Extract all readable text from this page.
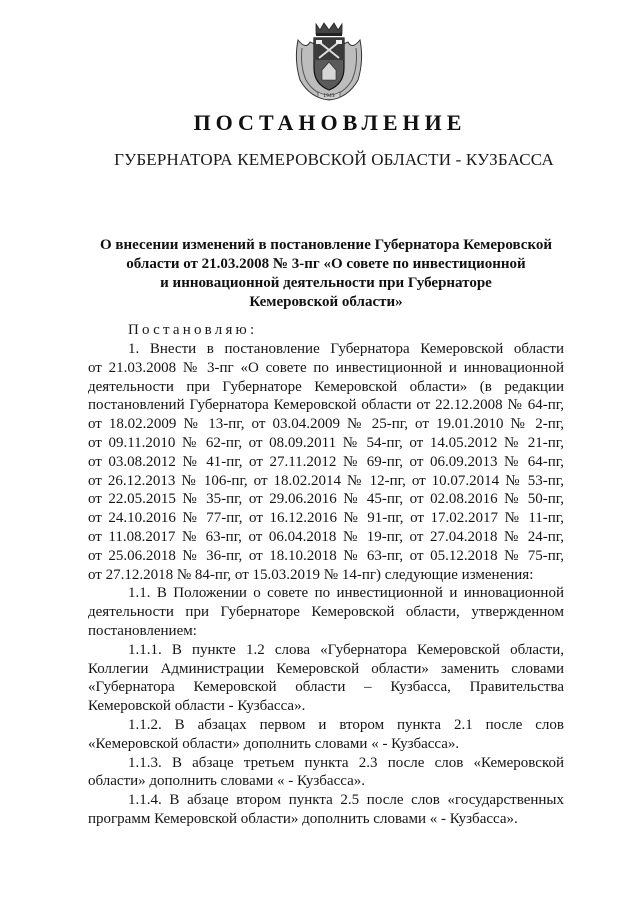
1943
ПОСТАНОВЛЕНИЕ
ГУБЕРНАТОРА КЕМЕРОВСКОЙ ОБЛАСТИ - КУЗБАССА
О внесении изменений в постановление Губернатора Кемеровской
области от 21.03.2008 № 3-пг «О совете по инвестиционной
и инновационной деятельности при Губернаторе
Кемеровской области»
Постановляю:
1. Внести в постановление Губернатора Кемеровской области
от 21.03.2008 № 3-пг «О совете по инвестиционной и инновационной
деятельности при Губернаторе Кемеровской области» (в редакции
постановлений Губернатора Кемеровской области от 22.12.2008 № 64-пг,
от 18.02.2009 № 13-пг, от 03.04.2009 № 25-пг, от 19.01.2010 № 2-пг,
от 09.11.2010 № 62-пг, от 08.09.2011 № 54-пг, от 14.05.2012 № 21-пг,
от 03.08.2012 № 41-пг, от 27.11.2012 № 69-пг, от 06.09.2013 № 64-пг,
от 26.12.2013 № 106-пг, от 18.02.2014 № 12-пг, от 10.07.2014 № 53-пг,
от 22.05.2015 № 35-пг, от 29.06.2016 № 45-пг, от 02.08.2016 № 50-пг,
от 24.10.2016 № 77-пг, от 16.12.2016 № 91-пг, от 17.02.2017 № 11-пг,
от 11.08.2017 № 63-пг, от 06.04.2018 № 19-пг, от 27.04.2018 № 24-пг,
от 25.06.2018 № 36-пг, от 18.10.2018 № 63-пг, от 05.12.2018 № 75-пг,
от 27.12.2018 № 84-пг, от 15.03.2019 № 14-пг) следующие изменения:
1.1. В Положении о совете по инвестиционной и инновационной
деятельности при Губернаторе Кемеровской области, утвержденном
постановлением:
1.1.1. В пункте 1.2 слова «Губернатора Кемеровской области,
Коллегии Администрации Кемеровской области» заменить словами
«Губернатора Кемеровской области – Кузбасса, Правительства
Кемеровской области - Кузбасса».
1.1.2. В абзацах первом и втором пункта 2.1 после слов
«Кемеровской области» дополнить словами « - Кузбасса».
1.1.3. В абзаце третьем пункта 2.3 после слов «Кемеровской
области» дополнить словами « - Кузбасса».
1.1.4. В абзаце втором пункта 2.5 после слов «государственных
программ Кемеровской области» дополнить словами « - Кузбасса».
